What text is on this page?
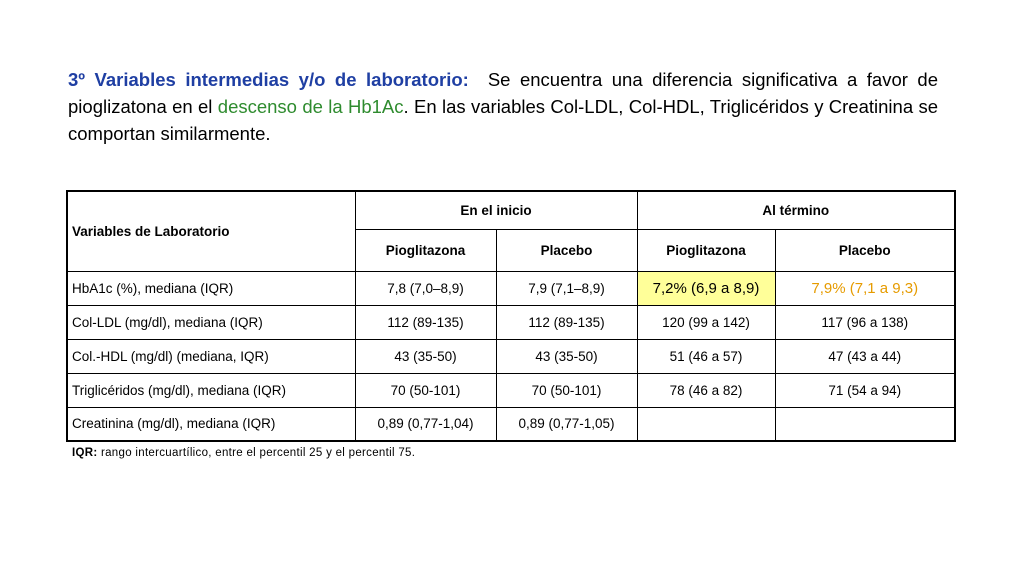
3º Variables intermedias y/o de laboratorio: Se encuentra una diferencia significativa a favor de pioglizatona en el descenso de la Hb1Ac. En las variables Col-LDL, Col-HDL, Triglicéridos y Creatinina se comportan similarmente.
Variables de Laboratorio	En el inicio		Al término	
	Pioglitazona	Placebo	Pioglitazona	Placebo
HbA1c (%), mediana (IQR)	7,8 (7,0–8,9)	7,9 (7,1–8,9)	7,2% (6,9 a 8,9)	7,9% (7,1 a 9,3)
Col-LDL (mg/dl), mediana (IQR)	112 (89-135)	112 (89-135)	120 (99 a 142)	117 (96 a 138)
Col.-HDL (mg/dl) (mediana, IQR)	43 (35-50)	43 (35-50)	51 (46 a 57)	47 (43 a 44)
Triglicéridos (mg/dl), mediana (IQR)	70 (50-101)	70 (50-101)	78 (46 a 82)	71 (54 a 94)
Creatinina (mg/dl), mediana (IQR)	0,89 (0,77-1,04)	0,89 (0,77-1,05)		
IQR: rango intercuartílico, entre el percentil 25 y el percentil 75.
